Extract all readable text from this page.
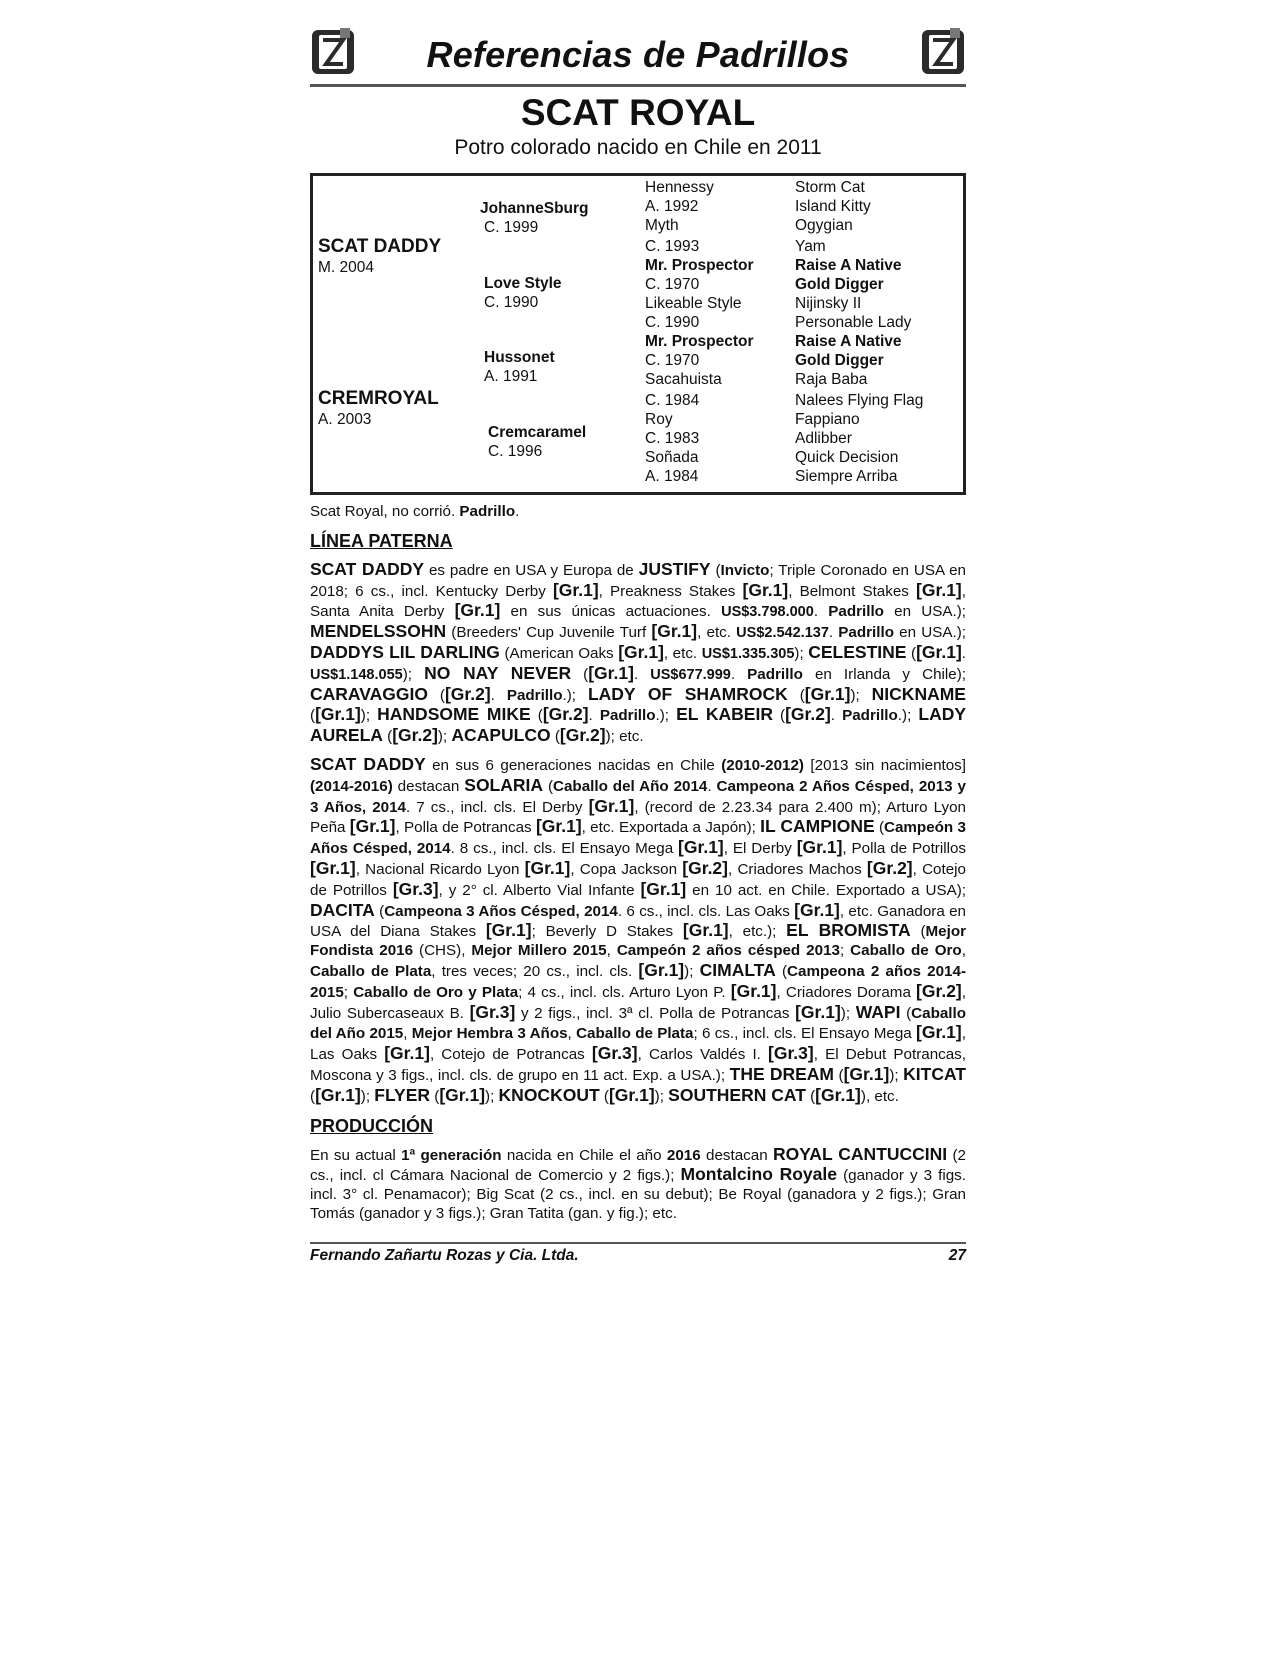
Referencias de Padrillos
SCAT ROYAL
Potro colorado nacido en Chile en 2011
SCAT DADDY
M. 2004
CREMROYAL
A. 2003
JohanneSburg
C. 1999
Love Style
C. 1990
Hussonet
A. 1991
Cremcaramel
C. 1996
Hennessy
A. 1992
Myth
C. 1993
Mr. Prospector
C. 1970
Likeable Style
C. 1990
Mr. Prospector
C. 1970
Sacahuista
C. 1984
Roy
C. 1983
Soñada
A. 1984
Storm Cat
Island Kitty
Ogygian
Yam
Raise A Native
Gold Digger
Nijinsky II
Personable Lady
Raise A Native
Gold Digger
Raja Baba
Nalees Flying Flag
Fappiano
Adlibber
Quick Decision
Siempre Arriba
Scat Royal, no corrió. Padrillo.
LÍNEA PATERNA
SCAT DADDY es padre en USA y Europa de JUSTIFY (Invicto; Triple Coronado en USA en 2018; 6 cs., incl. Kentucky Derby [Gr.1], Preakness Stakes [Gr.1], Belmont Stakes [Gr.1], Santa Anita Derby [Gr.1] en sus únicas actuaciones. US$3.798.000. Padrillo en USA.); MENDELSSOHN (Breeders' Cup Juvenile Turf [Gr.1], etc. US$2.542.137. Padrillo en USA.); DADDYS LIL DARLING (American Oaks [Gr.1], etc. US$1.335.305); CELESTINE ([Gr.1]. US$1.148.055); NO NAY NEVER ([Gr.1]. US$677.999. Padrillo en Irlanda y Chile); CARAVAGGIO ([Gr.2]. Padrillo.); LADY OF SHAMROCK ([Gr.1]); NICKNAME ([Gr.1]); HANDSOME MIKE ([Gr.2]. Padrillo.); EL KABEIR ([Gr.2]. Padrillo.); LADY AURELA ([Gr.2]); ACAPULCO ([Gr.2]); etc.
SCAT DADDY en sus 6 generaciones nacidas en Chile (2010-2012) [2013 sin nacimientos] (2014-2016) destacan SOLARIA (Caballo del Año 2014. Campeona 2 Años Césped, 2013 y 3 Años, 2014. 7 cs., incl. cls. El Derby [Gr.1], (record de 2.23.34 para 2.400 m); Arturo Lyon Peña [Gr.1], Polla de Potrancas [Gr.1], etc. Exportada a Japón); IL CAMPIONE (Campeón 3 Años Césped, 2014. 8 cs., incl. cls. El Ensayo Mega [Gr.1], El Derby [Gr.1], Polla de Potrillos [Gr.1], Nacional Ricardo Lyon [Gr.1], Copa Jackson [Gr.2], Criadores Machos [Gr.2], Cotejo de Potrillos [Gr.3], y 2° cl. Alberto Vial Infante [Gr.1] en 10 act. en Chile. Exportado a USA); DACITA (Campeona 3 Años Césped, 2014. 6 cs., incl. cls. Las Oaks [Gr.1], etc. Ganadora en USA del Diana Stakes [Gr.1]; Beverly D Stakes [Gr.1], etc.); EL BROMISTA (Mejor Fondista 2016 (CHS), Mejor Millero 2015, Campeón 2 años césped 2013; Caballo de Oro, Caballo de Plata, tres veces; 20 cs., incl. cls. [Gr.1]); CIMALTA (Campeona 2 años 2014-2015; Caballo de Oro y Plata; 4 cs., incl. cls. Arturo Lyon P. [Gr.1], Criadores Dorama [Gr.2], Julio Subercaseaux B. [Gr.3] y 2 figs., incl. 3ª cl. Polla de Potrancas [Gr.1]); WAPI (Caballo del Año 2015, Mejor Hembra 3 Años, Caballo de Plata; 6 cs., incl. cls. El Ensayo Mega [Gr.1], Las Oaks [Gr.1], Cotejo de Potrancas [Gr.3], Carlos Valdés I. [Gr.3], El Debut Potrancas, Moscona y 3 figs., incl. cls. de grupo en 11 act. Exp. a USA.); THE DREAM ([Gr.1]); KITCAT ([Gr.1]); FLYER ([Gr.1]); KNOCKOUT ([Gr.1]); SOUTHERN CAT ([Gr.1]), etc.
PRODUCCIÓN
En su actual 1ª generación nacida en Chile el año 2016 destacan ROYAL CANTUCCINI (2 cs., incl. cl Cámara Nacional de Comercio y 2 figs.); Montalcino Royale (ganador y 3 figs. incl. 3° cl. Penamacor); Big Scat (2 cs., incl. en su debut); Be Royal (ganadora y 2 figs.); Gran Tomás (ganador y 3 figs.); Gran Tatita (gan. y fig.); etc.
Fernando Zañartu Rozas y Cia. Ltda.	27
